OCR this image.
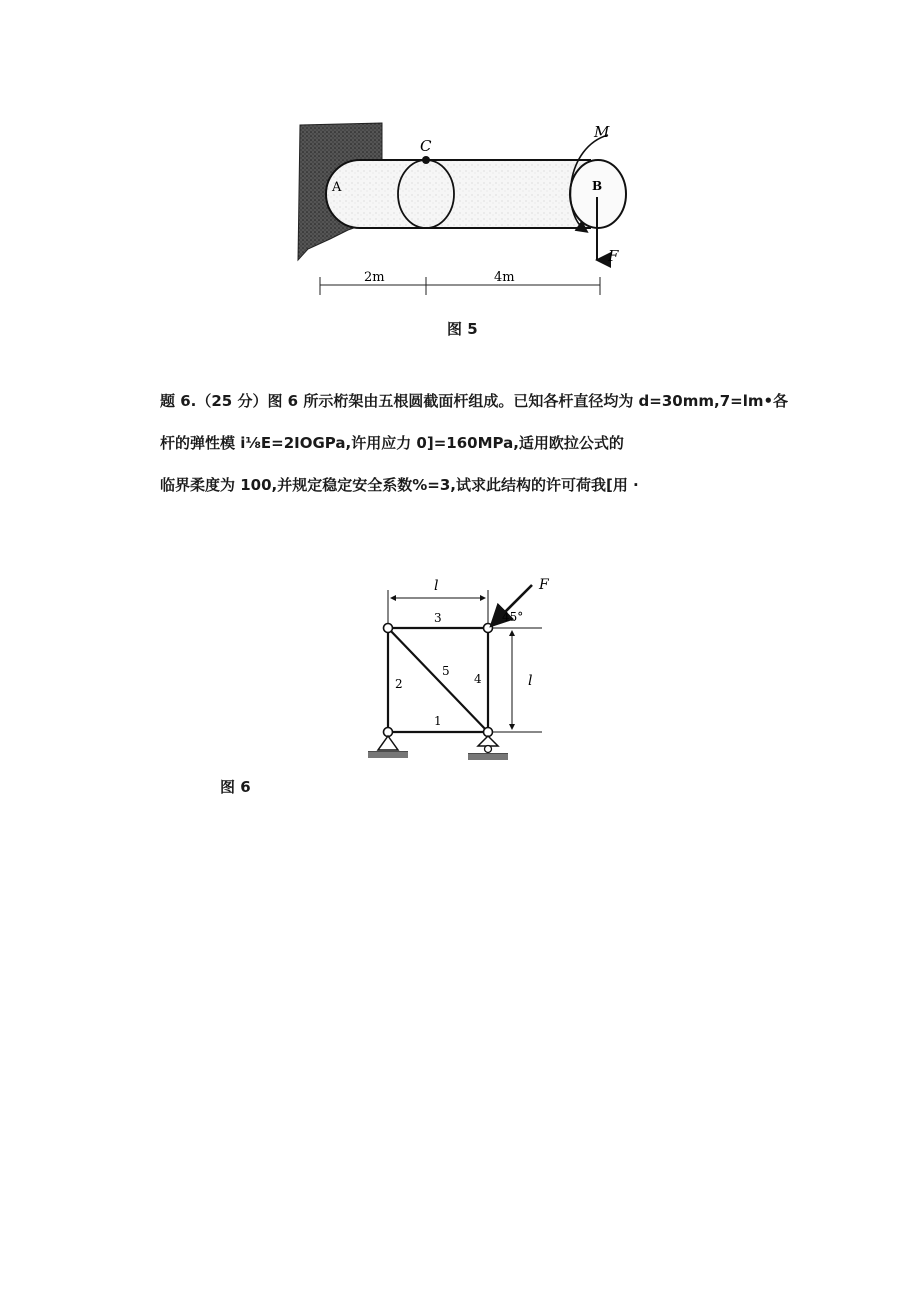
A	B
C
M
F
2m	4m
图 5
题 6.（25 分）图 6 所示桁架由五根圆截面杆组成。已知各杆直径均为 d=30mm,7=lm•各
杆的弹性模 i⅛E=2IOGPa,许用应力 0]=160MPa,适用欧拉公式的
临界柔度为 100,并规定稳定安全系数%=3,试求此结构的许可荷我[用 ·
l
l
F
45°
1
2
3
4
5
图 6
